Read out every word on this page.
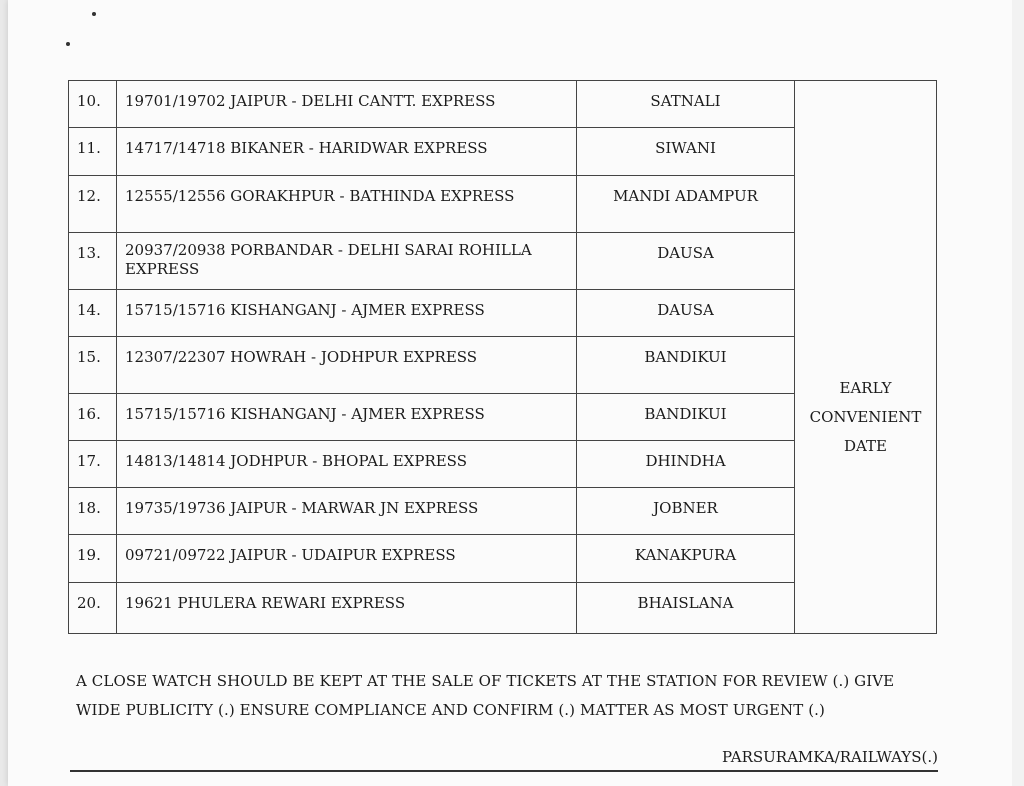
10.	19701/19702 JAIPUR - DELHI CANTT. EXPRESS	SATNALI	EARLY
CONVENIENT
DATE

11.	14717/14718 BIKANER - HARIDWAR EXPRESS	SIWANI	
12.	12555/12556 GORAKHPUR - BATHINDA EXPRESS	MANDI ADAMPUR	
13.	20937/20938 PORBANDAR - DELHI SARAI ROHILLA EXPRESS	DAUSA	
14.	15715/15716 KISHANGANJ - AJMER EXPRESS	DAUSA	
15.	12307/22307 HOWRAH - JODHPUR EXPRESS	BANDIKUI	
16.	15715/15716 KISHANGANJ - AJMER EXPRESS	BANDIKUI	
17.	14813/14814 JODHPUR - BHOPAL EXPRESS	DHINDHA	
18.	19735/19736 JAIPUR - MARWAR JN EXPRESS	JOBNER	
19.	09721/09722 JAIPUR - UDAIPUR EXPRESS	KANAKPURA	
20.	19621 PHULERA REWARI EXPRESS	BHAISLANA	
A CLOSE WATCH SHOULD BE KEPT AT THE SALE OF TICKETS AT THE STATION FOR REVIEW (.) GIVE
WIDE PUBLICITY (.) ENSURE COMPLIANCE AND CONFIRM (.) MATTER AS MOST URGENT (.)
PARSURAMKA/RAILWAYS(.)
